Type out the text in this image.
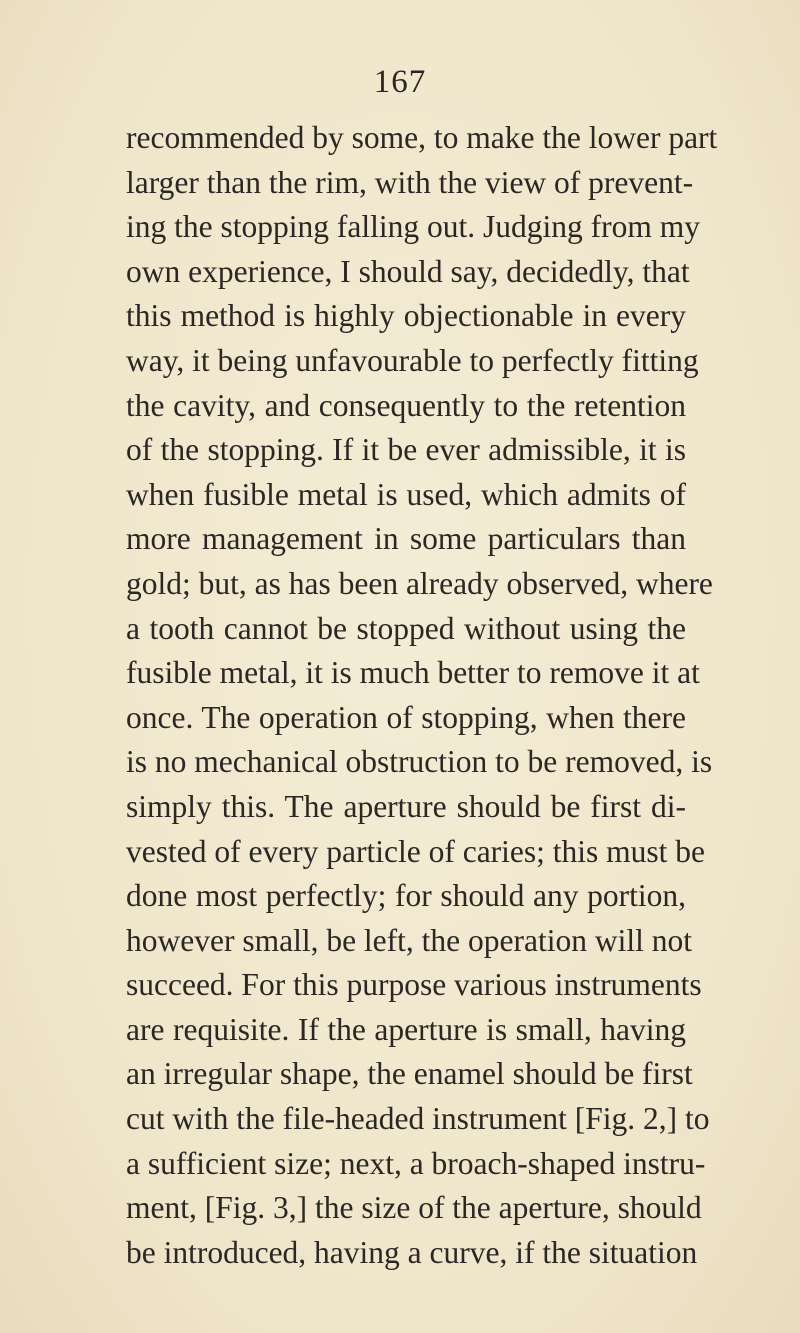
167
recommended by some, to make the lower part
larger than the rim, with the view of prevent-
ing the stopping falling out. Judging from my
own experience, I should say, decidedly, that
this method is highly objectionable in every
way, it being unfavourable to perfectly fitting
the cavity, and consequently to the retention
of the stopping. If it be ever admissible, it is
when fusible metal is used, which admits of
more management in some particulars than
gold; but, as has been already observed, where
a tooth cannot be stopped without using the
fusible metal, it is much better to remove it at
once. The operation of stopping, when there
is no mechanical obstruction to be removed, is
simply this. The aperture should be first di-
vested of every particle of caries; this must be
done most perfectly; for should any portion,
however small, be left, the operation will not
succeed. For this purpose various instruments
are requisite. If the aperture is small, having
an irregular shape, the enamel should be first
cut with the file-headed instrument [Fig. 2,] to
a sufficient size; next, a broach-shaped instru-
ment, [Fig. 3,] the size of the aperture, should
be introduced, having a curve, if the situation
